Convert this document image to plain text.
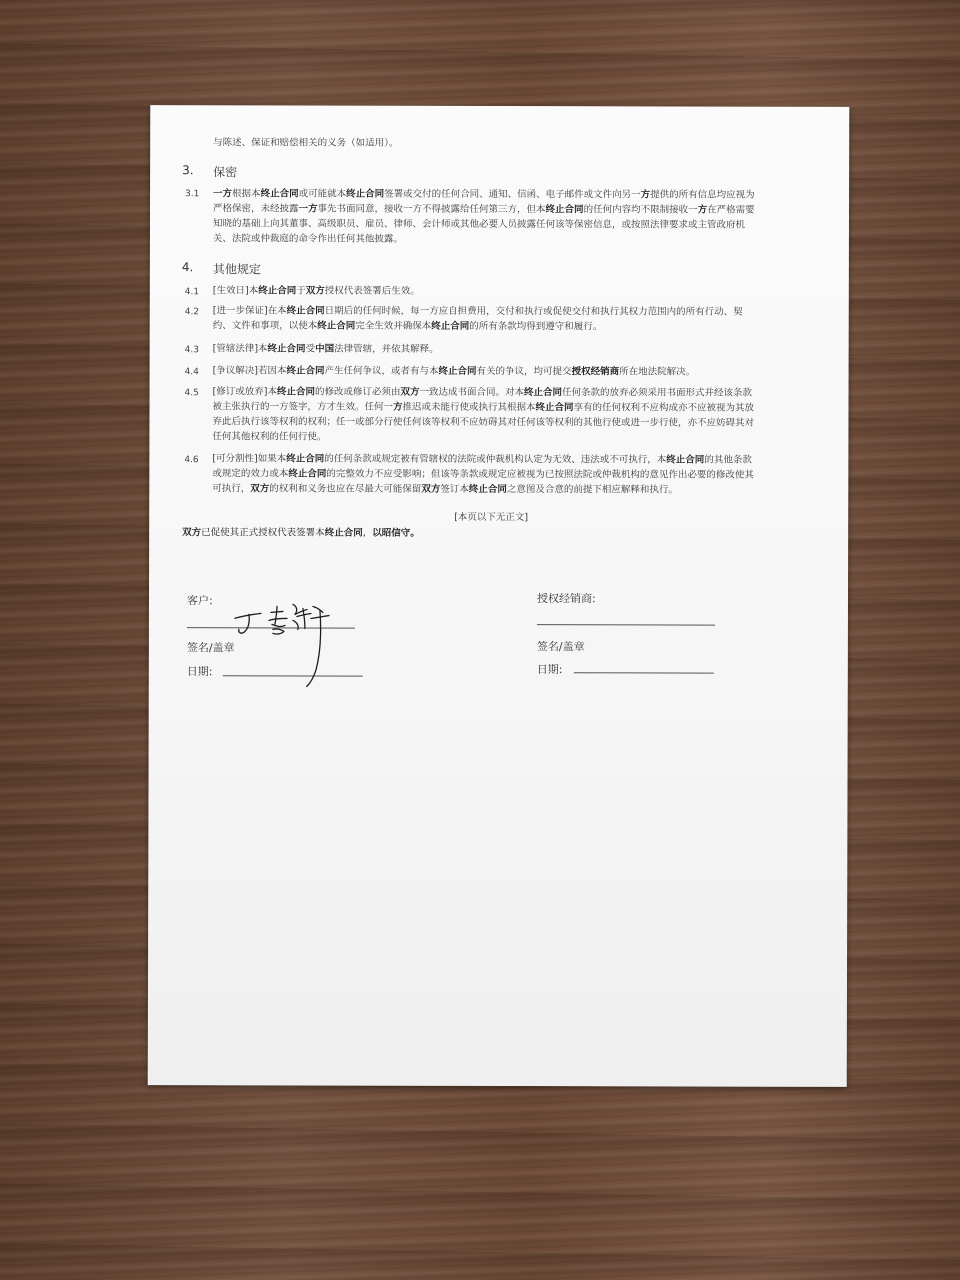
与陈述、保证和赔偿相关的义务（如适用）。
3. 保密
3.1 一方根据本终止合同或可能就本终止合同签署或交付的任何合同、通知、信函、电子邮件或文件向另一方提供的所有信息均应视为
严格保密，未经披露一方事先书面同意，接收一方不得披露给任何第三方，但本终止合同的任何内容均不限制接收一方在严格需要
知晓的基础上向其董事、高级职员、雇员、律师、会计师或其他必要人员披露任何该等保密信息，或按照法律要求或主管政府机
关、法院或仲裁庭的命令作出任何其他披露。
4. 其他规定
4.1 [生效日]本终止合同于双方授权代表签署后生效。
4.2 [进一步保证]在本终止合同日期后的任何时候，每一方应自担费用，交付和执行或促使交付和执行其权力范围内的所有行动、契
约、文件和事项，以使本终止合同完全生效并确保本终止合同的所有条款均得到遵守和履行。
4.3 [管辖法律]本终止合同受中国法律管辖，并依其解释。
4.4 [争议解决]若因本终止合同产生任何争议，或者有与本终止合同有关的争议，均可提交授权经销商所在地法院解决。
4.5 [修订或放弃]本终止合同的修改或修订必须由双方一致达成书面合同。对本终止合同任何条款的放弃必须采用书面形式并经该条款
被主张执行的一方签字，方才生效。任何一方推迟或未能行使或执行其根据本终止合同享有的任何权利不应构成亦不应被视为其放
弃此后执行该等权利的权利；任一或部分行使任何该等权利不应妨碍其对任何该等权利的其他行使或进一步行使，亦不应妨碍其对
任何其他权利的任何行使。
4.6 [可分割性]如果本终止合同的任何条款或规定被有管辖权的法院或仲裁机构认定为无效、违法或不可执行，本终止合同的其他条款
或规定的效力或本终止合同的完整效力不应受影响；但该等条款或规定应被视为已按照法院或仲裁机构的意见作出必要的修改使其
可执行，双方的权利和义务也应在尽最大可能保留双方签订本终止合同之意图及合意的前提下相应解释和执行。
[本页以下无正文]
双方已促使其正式授权代表签署本终止合同，以昭信守。
客户:
签名/盖章
日期:
授权经销商:
签名/盖章
日期:
